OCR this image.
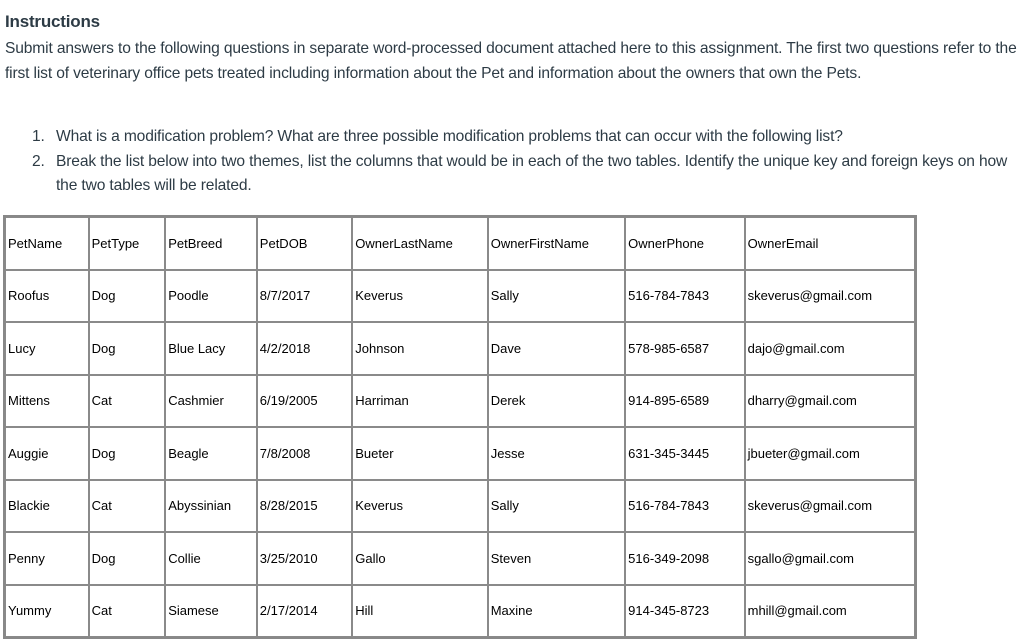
Instructions
Submit answers to the following questions in separate word-processed document attached here to this assignment. The first two questions refer to the first list of veterinary office pets treated including information about the Pet and information about the owners that own the Pets.
1. What is a modification problem? What are three possible modification problems that can occur with the following list?
2. Break the list below into two themes, list the columns that would be in each of the two tables. Identify the unique key and foreign keys on how the two tables will be related.
PetName	PetType	PetBreed	PetDOB	OwnerLastName	OwnerFirstName	OwnerPhone	OwnerEmail
Roofus	Dog	Poodle	8/7/2017	Keverus	Sally	516-784-7843	skeverus@gmail.com
Lucy	Dog	Blue Lacy	4/2/2018	Johnson	Dave	578-985-6587	dajo@gmail.com
Mittens	Cat	Cashmier	6/19/2005	Harriman	Derek	914-895-6589	dharry@gmail.com
Auggie	Dog	Beagle	7/8/2008	Bueter	Jesse	631-345-3445	jbueter@gmail.com
Blackie	Cat	Abyssinian	8/28/2015	Keverus	Sally	516-784-7843	skeverus@gmail.com
Penny	Dog	Collie	3/25/2010	Gallo	Steven	516-349-2098	sgallo@gmail.com
Yummy	Cat	Siamese	2/17/2014	Hill	Maxine	914-345-8723	mhill@gmail.com
